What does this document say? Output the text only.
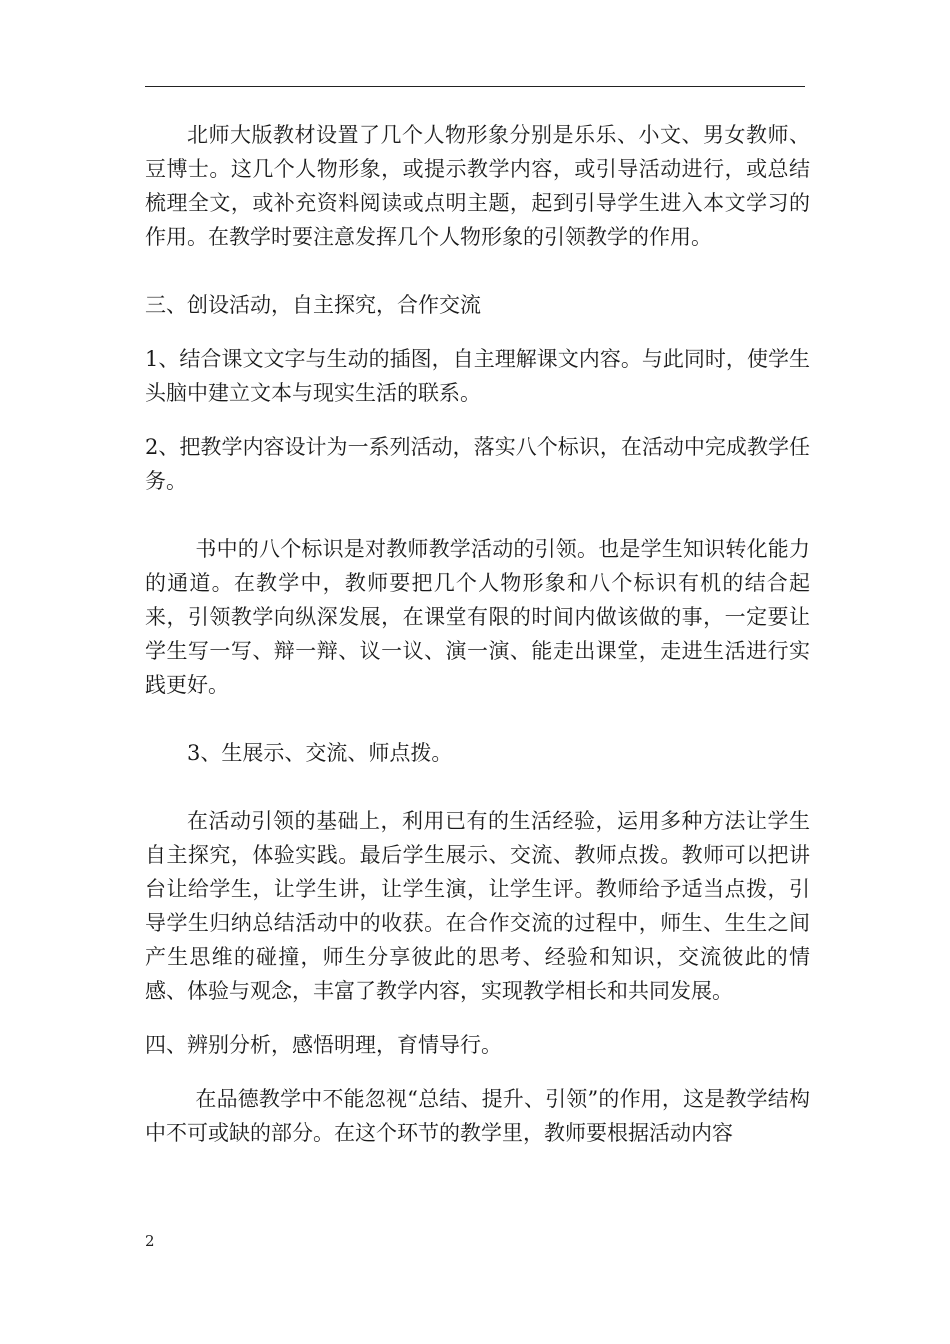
北师大版教材设置了几个人物形象分别是乐乐、小文、男女教师、豆博士。这几个人物形象，或提示教学内容，或引导活动进行，或总结梳理全文，或补充资料阅读或点明主题，起到引导学生进入本文学习的作用。在教学时要注意发挥几个人物形象的引领教学的作用。

三、创设活动，自主探究，合作交流

1、结合课文文字与生动的插图，自主理解课文内容。与此同时，使学生头脑中建立文本与现实生活的联系。

2、把教学内容设计为一系列活动，落实八个标识，在活动中完成教学任务。

书中的八个标识是对教师教学活动的引领。也是学生知识转化能力的通道。在教学中，教师要把几个人物形象和八个标识有机的结合起来，引领教学向纵深发展，在课堂有限的时间内做该做的事，一定要让学生写一写、辩一辩、议一议、演一演、能走出课堂，走进生活进行实践更好。

3、生展示、交流、师点拨。

在活动引领的基础上，利用已有的生活经验，运用多种方法让学生自主探究，体验实践。最后学生展示、交流、教师点拨。教师可以把讲台让给学生，让学生讲，让学生演，让学生评。教师给予适当点拨，引导学生归纳总结活动中的收获。在合作交流的过程中，师生、生生之间产生思维的碰撞，师生分享彼此的思考、经验和知识，交流彼此的情感、体验与观念，丰富了教学内容，实现教学相长和共同发展。

四、辨别分析，感悟明理，育情导行。

在品德教学中不能忽视“总结、提升、引领”的作用，这是教学结构中不可或缺的部分。在这个环节的教学里，教师要根据活动内容

2
